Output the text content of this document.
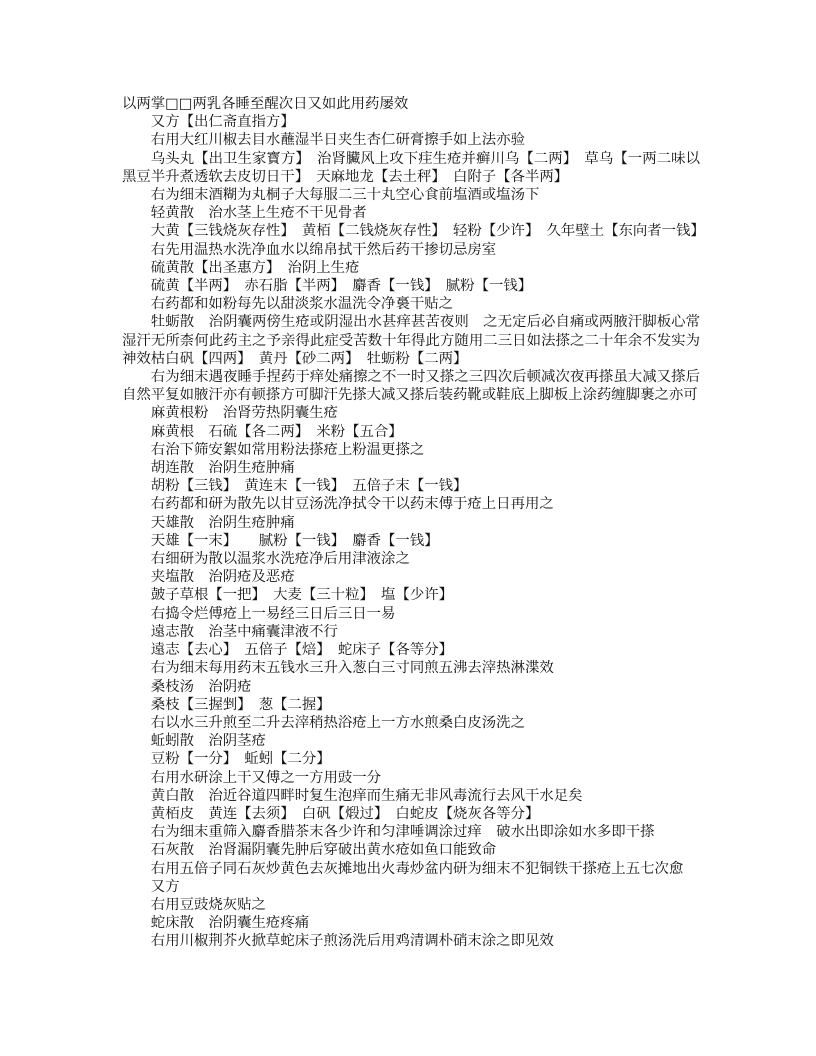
以两掌□□两乳各睡至醒次日又如此用药屡效

又方【出仁斋直指方】

右用大红川椒去目水蘸湿半日夹生杏仁研膏擦手如上法亦验

乌头丸【出卫生家寳方】　治肾臟风上攻下疰生疮并癣川乌【二两】　草乌【一两二味以黑豆半升煮透软去皮切日干】　天麻地龙【去土秤】　白附子【各半两】

右为细末酒糊为丸桐子大每服二三十丸空心食前塩酒或塩汤下

轻黄散　治水茎上生疮不干见骨者

大黄【三钱烧灰存性】　黄栢【二钱烧灰存性】　轻粉【少许】　久年壁土【东向者一钱】

右先用温热水洗净血水以绵帛拭干然后药干掺切忌房室

硫黄散【出圣惠方】　治阴上生疮

硫黄【半两】　赤石脂【半两】　麝香【一钱】　腻粉【一钱】

右药都和如粉每先以甜淡浆水温洗令净裛干贴之

牡蛎散　治阴囊两傍生疮或阴湿出水甚痒甚苦夜则　之无定后必自痛或两腋汗脚板心常湿汗无所柰何此药主之予亲得此症受苦数十年得此方随用二三日如法搽之二十年余不发实为神效枯白矾【四两】　黄丹【砂二两】　牡蛎粉【二两】

右为细末遇夜睡手捏药于痒处痛擦之不一时又搽之三四次后顿减次夜再搽虽大减又搽后自然平复如腋汗亦有顿搽方可脚汗先搽大减又搽后装药靴或鞋底上脚板上涂药缠脚裹之亦可

麻黄根粉　治肾劳热阴囊生疮

麻黄根　石硫【各二两】　米粉【五合】

右治下筛安絮如常用粉法搽疮上粉温更搽之

胡连散　治阴生疮肿痛

胡粉【三钱】　黄连末【一钱】　五倍子末【一钱】

右药都和研为散先以甘豆汤洗净拭令干以药末傅于疮上日再用之

天雄散　治阴生疮肿痛

天雄【一末】　　腻粉【一钱】　麝香【一钱】

右细研为散以温浆水洗疮净后用津液涂之

夹塩散　治阴疮及恶疮

皷子草根【一把】　大麦【三十粒】　塩【少许】

右捣令烂傅疮上一易经三日后三日一易

遠志散　治茎中痛囊津液不行

遠志【去心】　五倍子【焙】　蛇床子【各等分】

右为细末每用药末五钱水三升入葱白三寸同煎五沸去滓热淋渫效

桑枝汤　治阴疮

桑枝【三握剉】　葱【二握】

右以水三升煎至二升去滓稍热浴疮上一方水煎桑白皮汤洗之

蚯蚓散　治阴茎疮

豆粉【一分】　蚯蚓【二分】

右用水研涂上干又傅之一方用豉一分

黄白散　治近谷道四畔时复生泡痒而生痛无非风毒流行去风干水足矣

黄栢皮　黄连【去须】　白矾【煅过】　白蛇皮【烧灰各等分】

右为细末重筛入麝香腊茶末各少许和匀津唾调涂过痒　破水出即涂如水多即干搽

石灰散　治肾漏阴囊先肿后穿破出黄水疮如鱼口能致命

右用五倍子同石灰炒黄色去灰摊地出火毒炒盆内研为细末不犯铜铁干搽疮上五七次愈

又方

右用豆豉烧灰贴之

蛇床散　治阴囊生疮疼痛

右用川椒荆芥火掀草蛇床子煎汤洗后用鸡清调朴硝末涂之即见效
